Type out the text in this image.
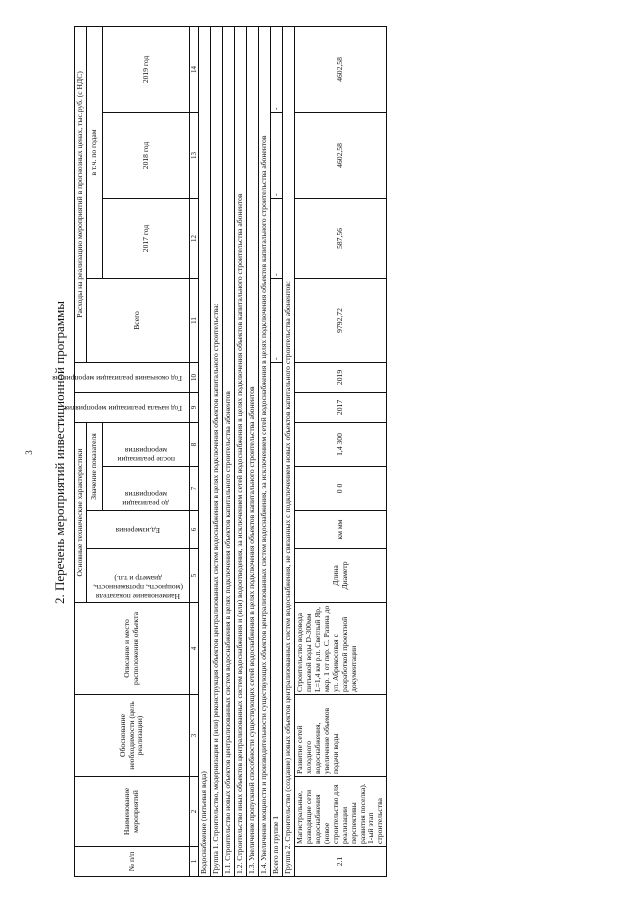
3 2. Перечень мероприятий инвестиционной программы
№ п/п	Наименование мероприятий	Обоснование необходимости (цель реализации)	Описание и место расположения объекта	Основные технические характеристики				Год начала реализации мероприятия	Год окончания реализации мероприятия	Расходы на реализацию мероприятий в прогнозных ценах, тыс.руб. (с НДС)			

				Наименование показателя (мощность, протяженность, диаметр и т.п.)	Ед.измерения	Значение показателя				Всего	в т.ч. по годам		

						до реализации мероприятия	после реализации мероприятия				2017 год	2018 год	2019 год
1	2	3	4	5	6	7	8	9	10	11	12	13	14
Водоснабжение (питьевая вода)													
Группа 1. Строительство, модернизация и (или) реконструкция объектов централизованных систем водоснабжения в целях подключения объектов капитального строительства:													
1.1. Строительство новых объектов централизованных систем водоснабжения в целях подключения объектов капитального строительства абонентов													
1.2. Строительство иных объектов централизованных систем водоснабжения и (или) водоотведения, за исключением сетей водоснабжения в целях подключения объектов капитального строительства абонентов													
1.3. Увеличение пропускной способности существующих сетей водоснабжения в целях подключения объектов капитального строительства абонентов													
1.4. Увеличение мощности и производительности существующих объектов централизованных систем водоснабжения, за исключением сетей водоснабжения в целях подключения объектов капитального строительства абонентов													
Всего по группе 1										-	-	-	-
Группа 2. Строительство (создание) новых объектов централизованных систем водоснабжения, не связанных с подключением новых объектов капитального строительства абонентов:													
2.1	Магистральные, разводящие сети водоснабжения (новое строительство для реализации перспективы развития поселка). 1-ый этап строительства	Развитие сетей холодного водоснабжения, увеличение объемов подачи воды	Строительство водовода питьевой воды D-300мм L=1,4 км р.п. Светлый Яр, мкр. 1 от пер. С. Разина до ул. Абрикосовая с разработкой проектной документации	Длина Диаметр	км мм	0 0	1,4 300	2017	2019	9792,72	587,56	4602,58	4602,58
